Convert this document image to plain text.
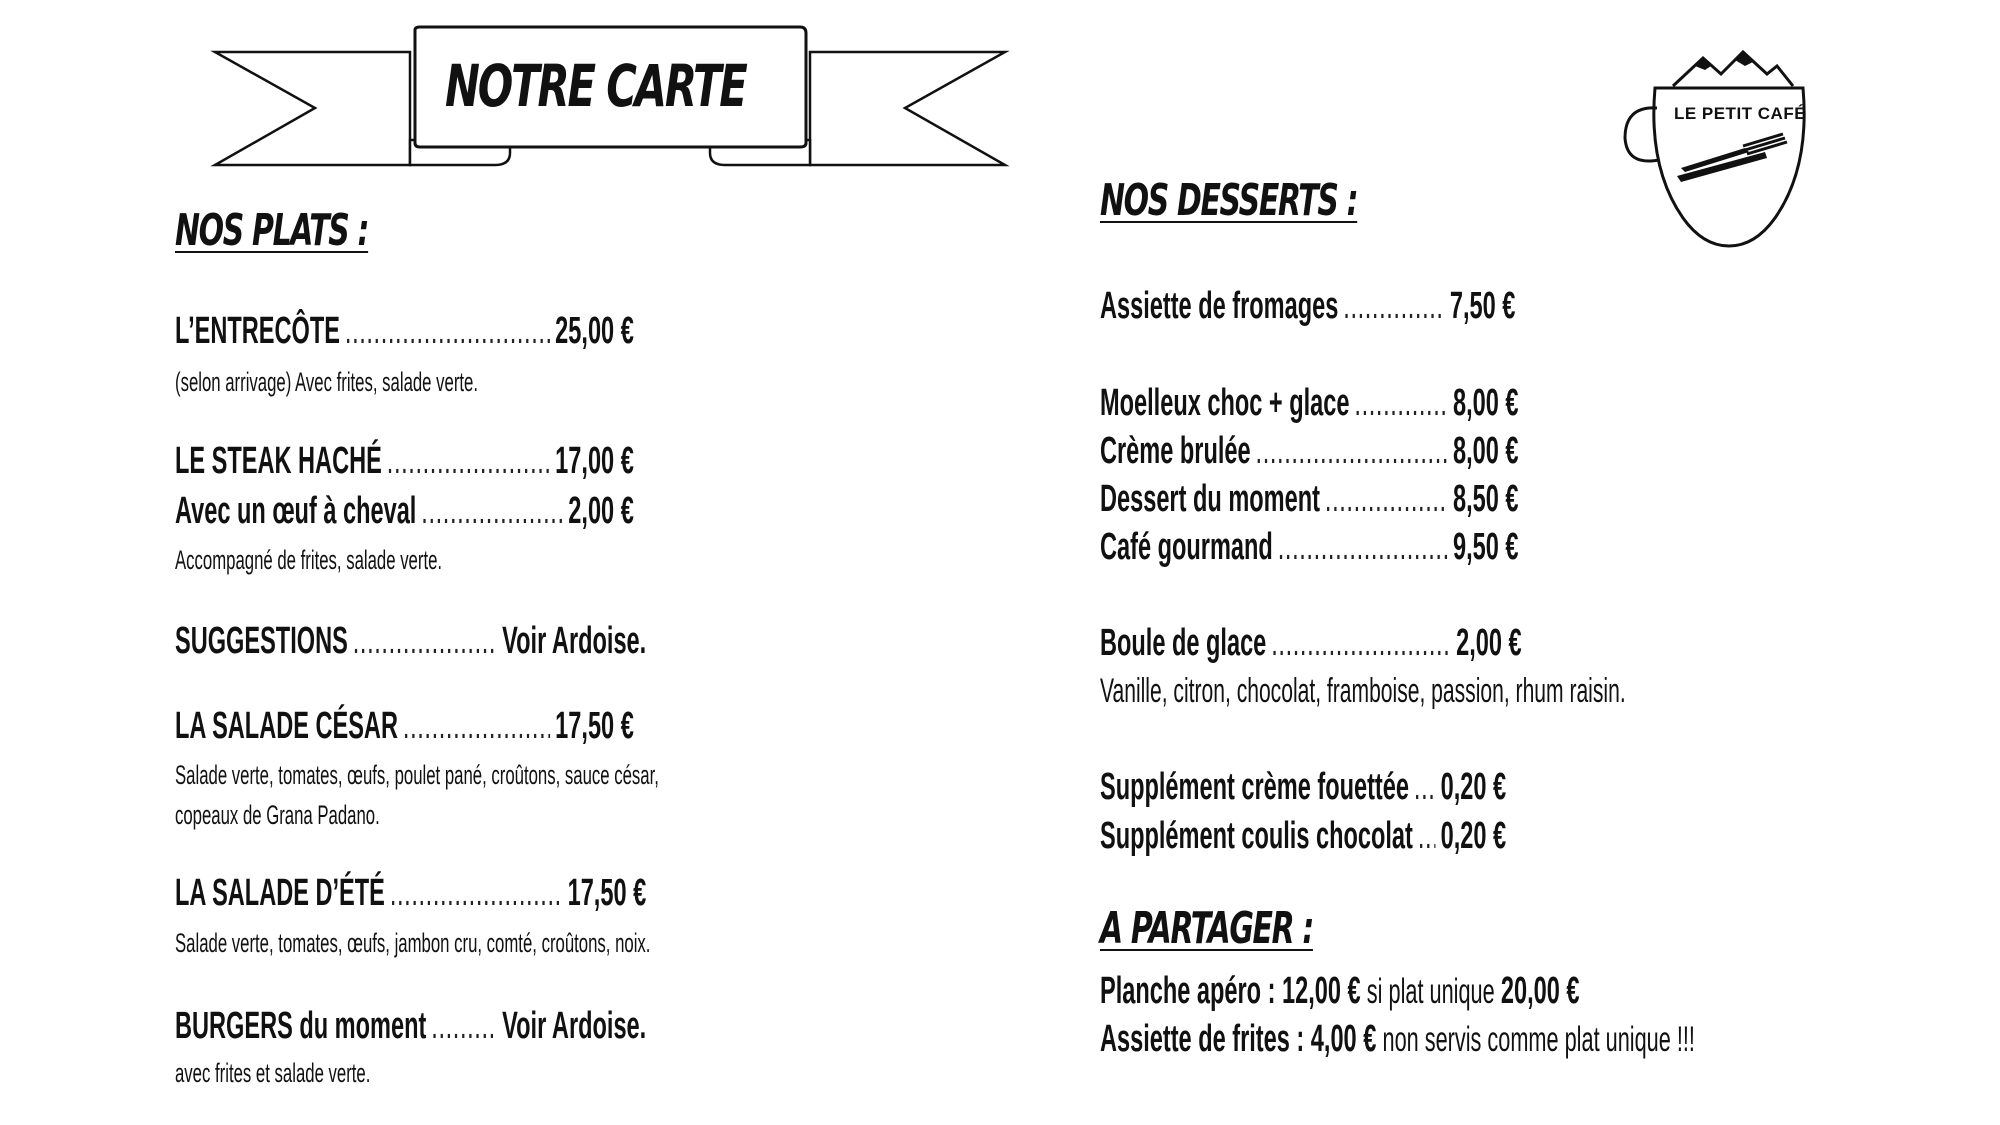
NOTRE CARTE	LE PETIT CAFÉ
NOS PLATS :
L’ENTRECÔTE .....	25,00 €
(selon arrivage) Avec frites, salade verte.
LE STEAK HACHÉ .....	17,00 €
Avec un œuf à cheval .....	2,00 €
Accompagné de frites, salade verte.
SUGGESTIONS .....	Voir Ardoise.
LA SALADE CÉSAR .....	17,50 €
Salade verte, tomates, œufs, poulet pané, croûtons, sauce césar,
copeaux de Grana Padano.
LA SALADE D’ÉTÉ .....	17,50 €
Salade verte, tomates, œufs, jambon cru, comté, croûtons, noix.
BURGERS du moment ..... Voir Ardoise.
avec frites et salade verte.
NOS DESSERTS :
Assiette de fromages .....	7,50 €
Moelleux choc + glace .....	8,00 €
Crème brulée .....	8,00 €
Dessert du moment .....	8,50 €
Café gourmand .....	9,50 €
Boule de glace .....	2,00 €
Vanille, citron, chocolat, framboise, passion, rhum raisin.
Supplément crème fouettée ..... 0,20 €
Supplément coulis chocolat ..... 0,20 €
A PARTAGER :
Planche apéro : 12,00 € si plat unique 20,00 €
Assiette de frites : 4,00 € non servis comme plat unique !!!
